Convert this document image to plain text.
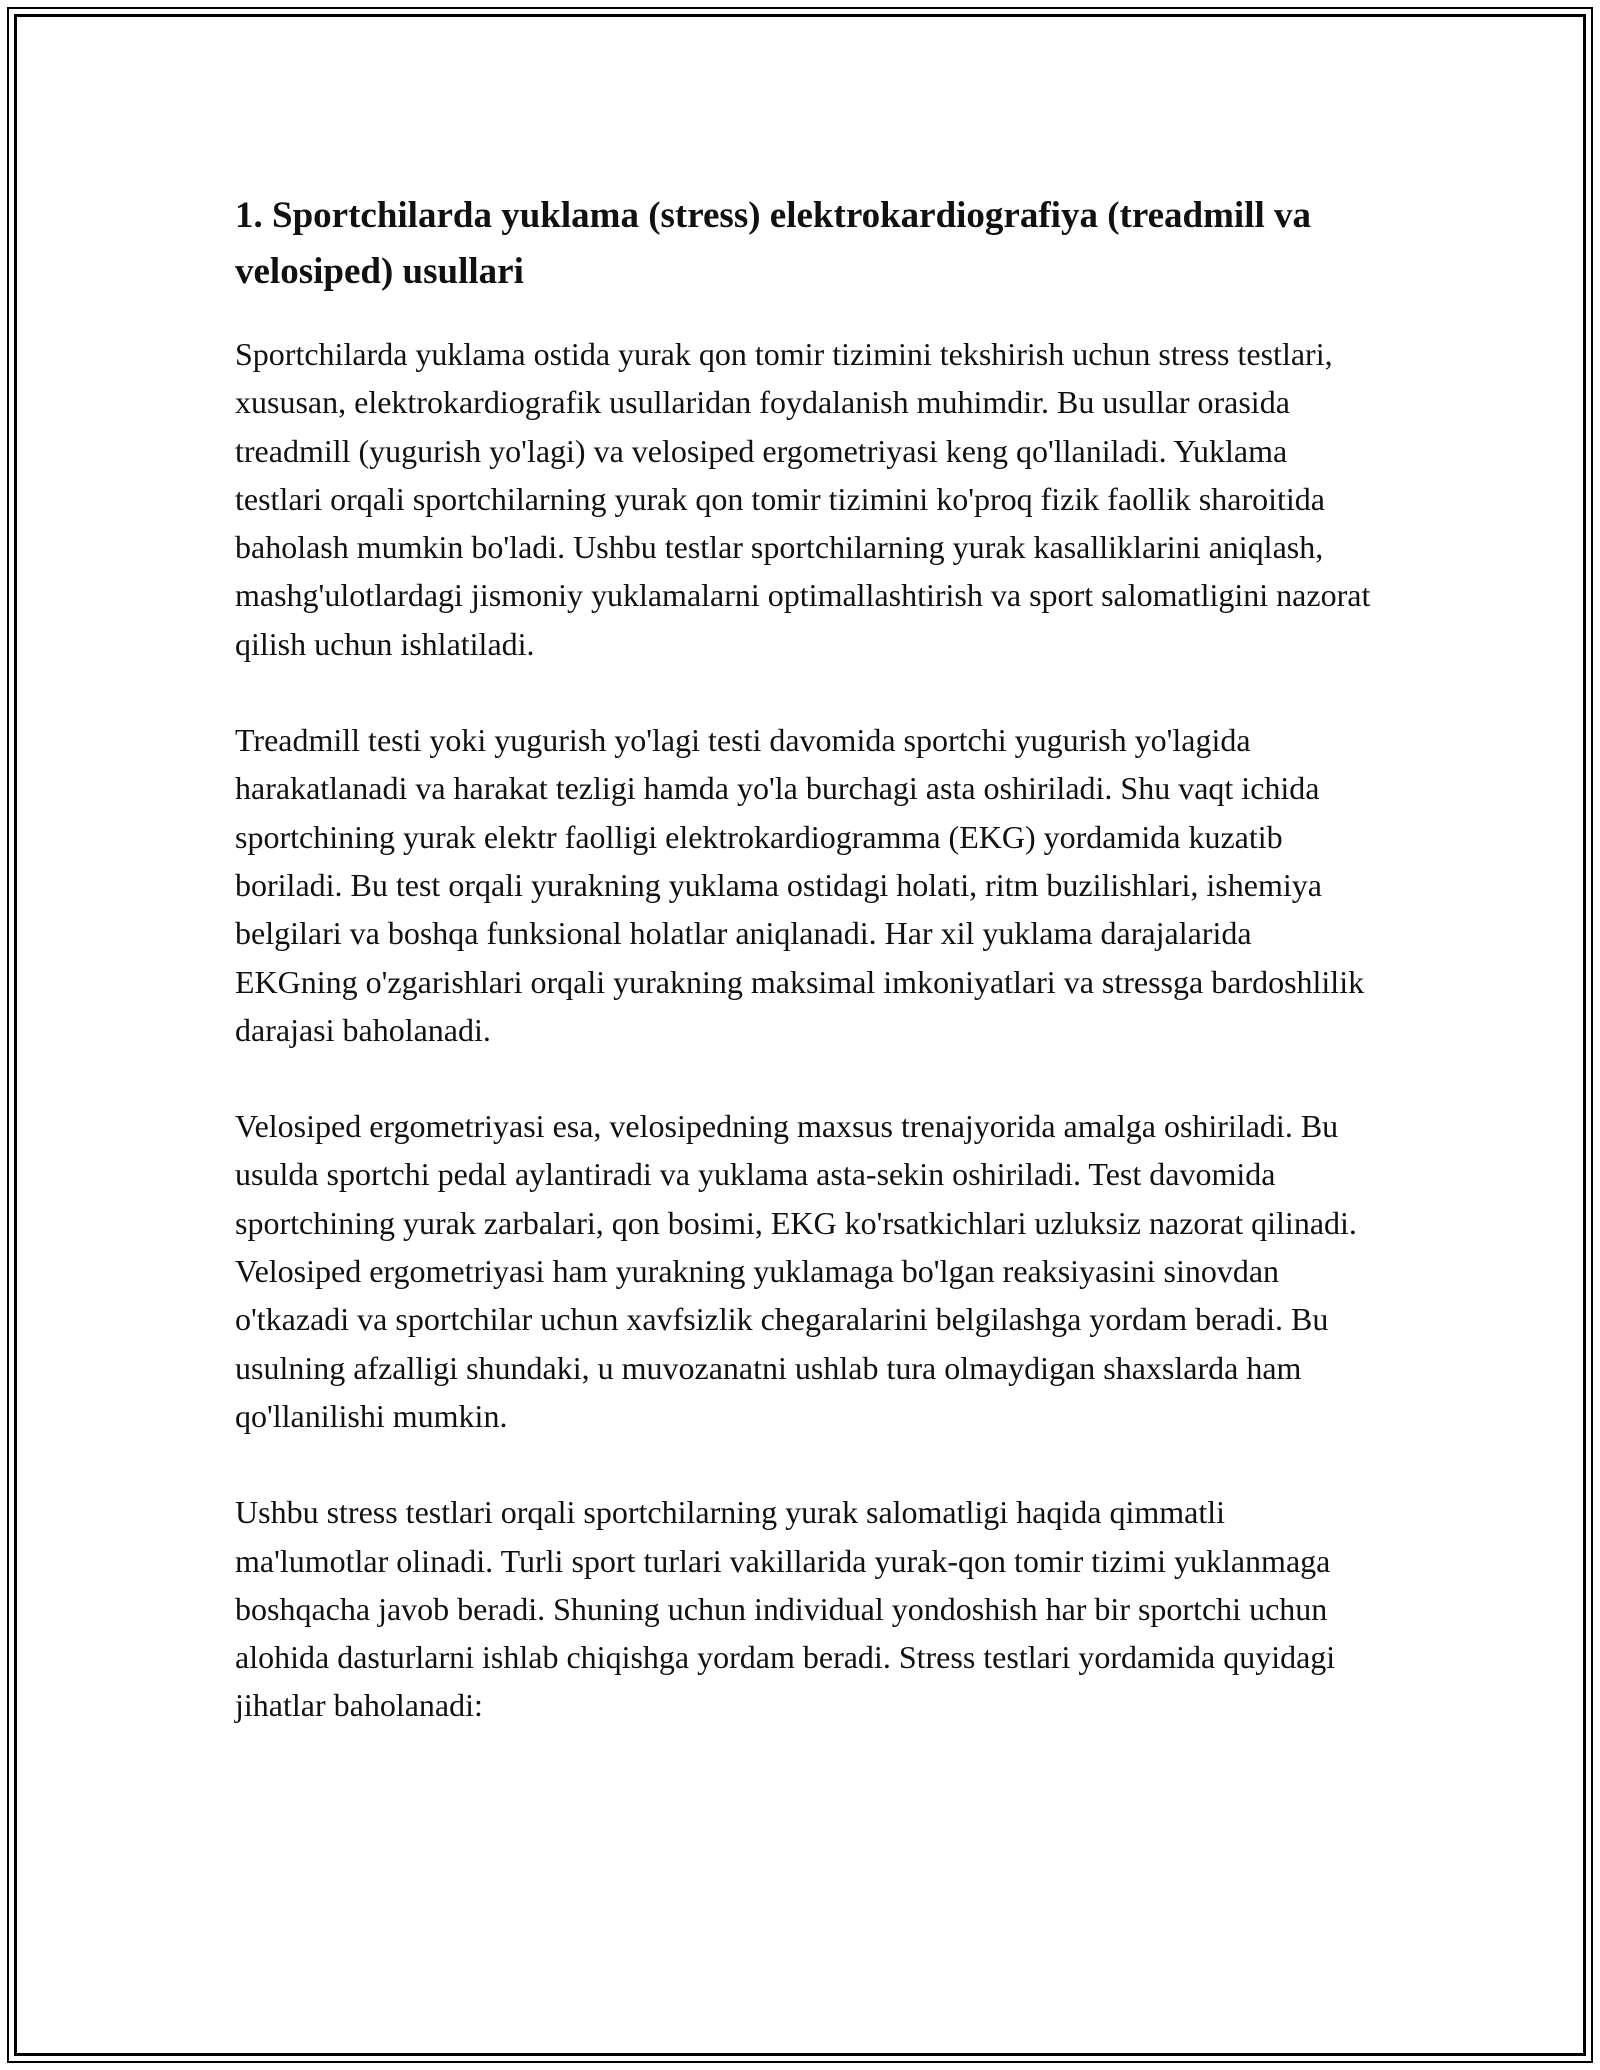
1. Sportchilarda yuklama (stress) elektrokardiografiya (treadmill va velosiped) usullari

Sportchilarda yuklama ostida yurak qon tomir tizimini tekshirish uchun stress testlari, xususan, elektrokardiografik usullaridan foydalanish muhimdir. Bu usullar orasida treadmill (yugurish yo'lagi) va velosiped ergometriyasi keng qo'llaniladi. Yuklama testlari orqali sportchilarning yurak qon tomir tizimini ko'proq fizik faollik sharoitida baholash mumkin bo'ladi. Ushbu testlar sportchilarning yurak kasalliklarini aniqlash, mashg'ulotlardagi jismoniy yuklamalarni optimallashtirish va sport salomatligini nazorat qilish uchun ishlatiladi.

Treadmill testi yoki yugurish yo'lagi testi davomida sportchi yugurish yo'lagida harakatlanadi va harakat tezligi hamda yo'la burchagi asta oshiriladi. Shu vaqt ichida sportchining yurak elektr faolligi elektrokardiogramma (EKG) yordamida kuzatib boriladi. Bu test orqali yurakning yuklama ostidagi holati, ritm buzilishlari, ishemiya belgilari va boshqa funksional holatlar aniqlanadi. Har xil yuklama darajalarida EKGning o'zgarishlari orqali yurakning maksimal imkoniyatlari va stressga bardoshlilik darajasi baholanadi.

Velosiped ergometriyasi esa, velosipedning maxsus trenajyorida amalga oshiriladi. Bu usulda sportchi pedal aylantiradi va yuklama asta-sekin oshiriladi. Test davomida sportchining yurak zarbalari, qon bosimi, EKG ko'rsatkichlari uzluksiz nazorat qilinadi. Velosiped ergometriyasi ham yurakning yuklamaga bo'lgan reaksiyasini sinovdan o'tkazadi va sportchilar uchun xavfsizlik chegaralarini belgilashga yordam beradi. Bu usulning afzalligi shundaki, u muvozanatni ushlab tura olmaydigan shaxslarda ham qo'llanilishi mumkin.

Ushbu stress testlari orqali sportchilarning yurak salomatligi haqida qimmatli ma'lumotlar olinadi. Turli sport turlari vakillarida yurak-qon tomir tizimi yuklanmaga boshqacha javob beradi. Shuning uchun individual yondoshish har bir sportchi uchun alohida dasturlarni ishlab chiqishga yordam beradi. Stress testlari yordamida quyidagi jihatlar baholanadi:
